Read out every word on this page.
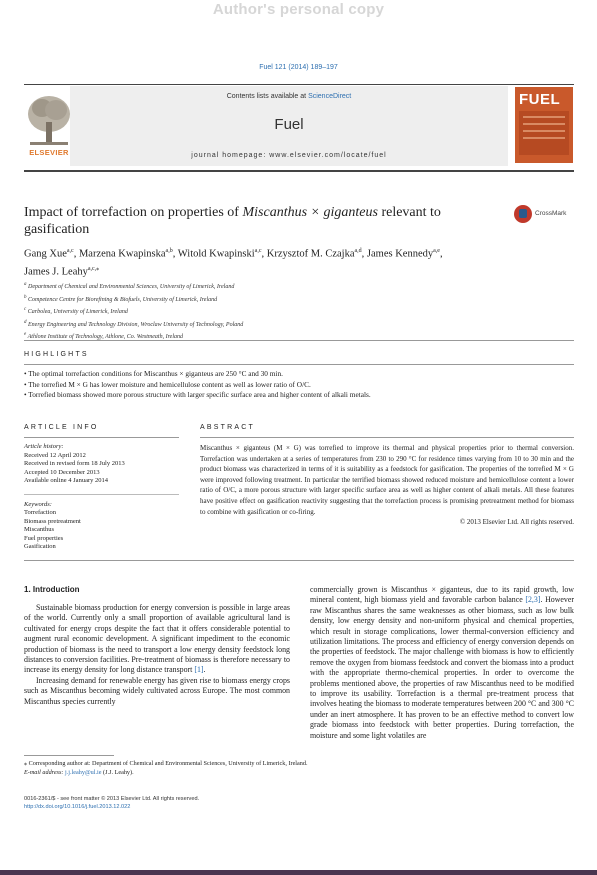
Author's personal copy
Fuel 121 (2014) 189–197
ELSEVIER
Contents lists available at ScienceDirect
Fuel
journal homepage: www.elsevier.com/locate/fuel
FUEL
Impact of torrefaction on properties of Miscanthus × giganteus relevant to gasification
CrossMark
Gang Xue$^{a,c}$, Marzena Kwapinska$^{a,b}$, Witold Kwapinski$^{a,c}$, Krzysztof M. Czajka$^{a,d}$, James Kennedy$^{a,e}$,
James J. Leahy$^{a,c,⁎}$
$^a$ Department of Chemical and Environmental Sciences, University of Limerick, Ireland
$^b$ Competence Centre for Biorefining & Biofuels, University of Limerick, Ireland
$^c$ Carbolea, University of Limerick, Ireland
$^d$ Energy Engineering and Technology Division, Wroclaw University of Technology, Poland
$^e$ Athlone Institute of Technology, Athlone, Co. Westmeath, Ireland
HIGHLIGHTS
• The optimal torrefaction conditions for Miscanthus × giganteus are 250 °C and 30 min.
• The torrefied M × G has lower moisture and hemicellulose content as well as lower ratio of O/C.
• Torrefied biomass showed more porous structure with larger specific surface area and higher content of alkali metals.
ARTICLE INFO	ABSTRACT
Article history:
Received 12 April 2012
Received in revised form 18 July 2013
Accepted 10 December 2013
Available online 4 January 2014
Keywords:
Torrefaction
Biomass pretreatment
Miscanthus
Fuel properties
Gasification
Miscanthus × giganteus (M × G) was torrefied to improve its thermal and physical properties prior to thermal conversion. Torrefaction was undertaken at a series of temperatures from 230 to 290 °C for residence times varying from 10 to 30 min and the product biomass was characterized in terms of it is suitability as a feedstock for gasification. The properties of the torrefied M × G were improved following treatment. In particular the terrified biomass showed reduced moisture and hemicellulose content a lower ratio of O/C, a more porous structure with larger specific surface area as well as higher content of alkali metals. All these features have positive effect on gasification reactivity suggesting that the torrefaction process is promising pretreatment method for biomass to combine with gasification or co-firing.
© 2013 Elsevier Ltd. All rights reserved.
1. Introduction

Sustainable biomass production for energy conversion is possible in large areas of the world. Currently only a small proportion of available agricultural land is cultivated for energy crops despite the fact that it offers considerable potential to augment rural economic development. A significant impediment to the economic production of biomass is the need to transport a low energy density feedstock long distances to conversion facilities. Pre-treatment of biomass is therefore necessary to increase its energy density for long distance transport [1].

Increasing demand for renewable energy has given rise to biomass energy crops such as Miscanthus becoming widely cultivated across Europe. The most common Miscanthus species currently

commercially grown is Miscanthus × giganteus, due to its rapid growth, low mineral content, high biomass yield and favorable carbon balance [2,3]. However raw Miscanthus shares the same weaknesses as other biomass, such as low bulk density, low energy density and non-uniform physical and chemical properties, which result in storage complications, lower thermal-conversion efficiency and utilization limitations. The process and efficiency of energy conversion depends on the properties of feedstock. The major challenge with biomass is how to efficiently remove the oxygen from biomass feedstock and convert the biomass into a product with the appropriate thermo-chemical properties. In order to overcome the problems mentioned above, the properties of raw Miscanthus need to be modified to improve its usability. Torrefaction is a thermal pre-treatment process that involves heating the biomass to moderate temperatures between 200 °C and 300 °C under an inert atmosphere. It has proven to be an effective method to convert low grade biomass into feedstock with better properties. During torrefaction, the moisture and some light volatiles are

⁎ Corresponding author at: Department of Chemical and Environmental Sciences, University of Limerick, Ireland.
E-mail address: j.j.leahy@ul.ie (J.J. Leahy).
0016-2361/$ - see front matter © 2013 Elsevier Ltd. All rights reserved.
http://dx.doi.org/10.1016/j.fuel.2013.12.022
